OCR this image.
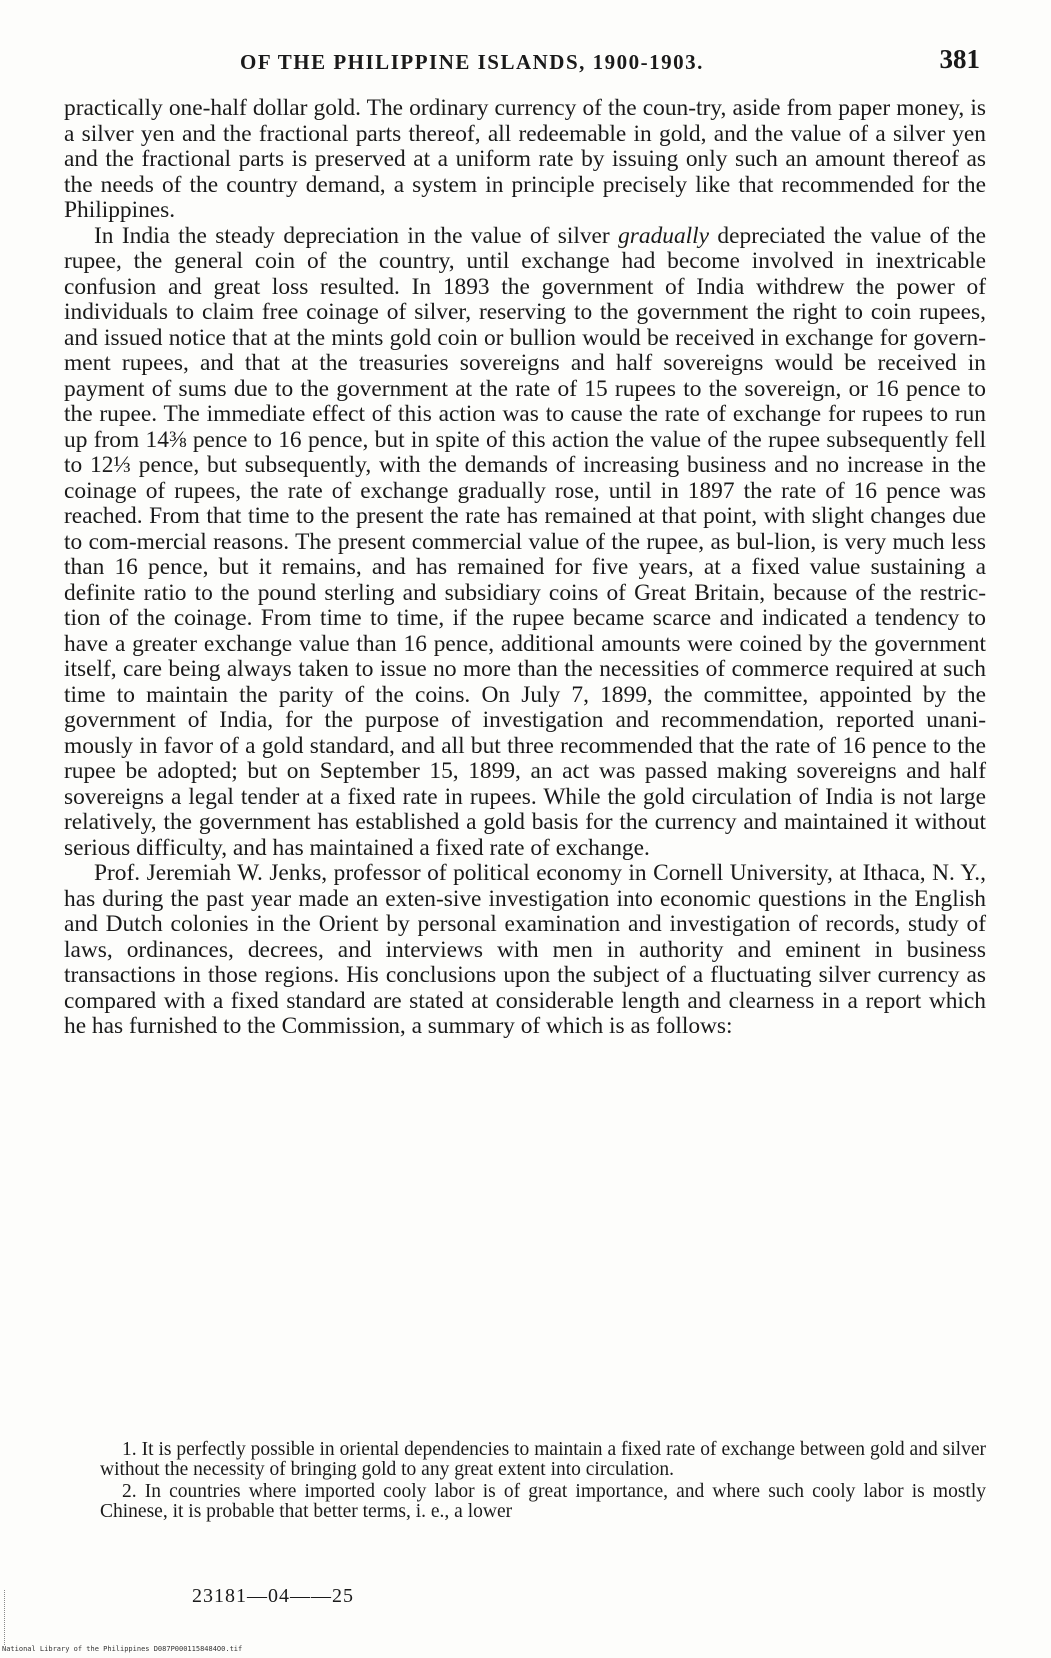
OF THE PHILIPPINE ISLANDS, 1900-1903.	381

practically one-half dollar gold. The ordinary currency of the coun-try, aside from paper money, is a silver yen and the fractional parts thereof, all redeemable in gold, and the value of a silver yen and the fractional parts is preserved at a uniform rate by issuing only such an amount thereof as the needs of the country demand, a system in principle precisely like that recommended for the Philippines.

In India the steady depreciation in the value of silver gradually depreciated the value of the rupee, the general coin of the country, until exchange had become involved in inextricable confusion and great loss resulted. In 1893 the government of India withdrew the power of individuals to claim free coinage of silver, reserving to the government the right to coin rupees, and issued notice that at the mints gold coin or bullion would be received in exchange for govern-ment rupees, and that at the treasuries sovereigns and half sovereigns would be received in payment of sums due to the government at the rate of 15 rupees to the sovereign, or 16 pence to the rupee. The immediate effect of this action was to cause the rate of exchange for rupees to run up from 14⅜ pence to 16 pence, but in spite of this action the value of the rupee subsequently fell to 12⅓ pence, but subsequently, with the demands of increasing business and no increase in the coinage of rupees, the rate of exchange gradually rose, until in 1897 the rate of 16 pence was reached. From that time to the present the rate has remained at that point, with slight changes due to com-mercial reasons. The present commercial value of the rupee, as bul-lion, is very much less than 16 pence, but it remains, and has remained for five years, at a fixed value sustaining a definite ratio to the pound sterling and subsidiary coins of Great Britain, because of the restric-tion of the coinage. From time to time, if the rupee became scarce and indicated a tendency to have a greater exchange value than 16 pence, additional amounts were coined by the government itself, care being always taken to issue no more than the necessities of commerce required at such time to maintain the parity of the coins. On July 7, 1899, the committee, appointed by the government of India, for the purpose of investigation and recommendation, reported unani-mously in favor of a gold standard, and all but three recommended that the rate of 16 pence to the rupee be adopted; but on September 15, 1899, an act was passed making sovereigns and half sovereigns a legal tender at a fixed rate in rupees. While the gold circulation of India is not large relatively, the government has established a gold basis for the currency and maintained it without serious difficulty, and has maintained a fixed rate of exchange.

Prof. Jeremiah W. Jenks, professor of political economy in Cornell University, at Ithaca, N. Y., has during the past year made an exten-sive investigation into economic questions in the English and Dutch colonies in the Orient by personal examination and investigation of records, study of laws, ordinances, decrees, and interviews with men in authority and eminent in business transactions in those regions. His conclusions upon the subject of a fluctuating silver currency as compared with a fixed standard are stated at considerable length and clearness in a report which he has furnished to the Commission, a summary of which is as follows:

1. It is perfectly possible in oriental dependencies to maintain a fixed rate of exchange between gold and silver without the necessity of bringing gold to any great extent into circulation.

2. In countries where imported cooly labor is of great importance, and where such cooly labor is mostly Chinese, it is probable that better terms, i. e., a lower

23181—04——25
National Library of the Philippines D087P0001158484O0.tif
